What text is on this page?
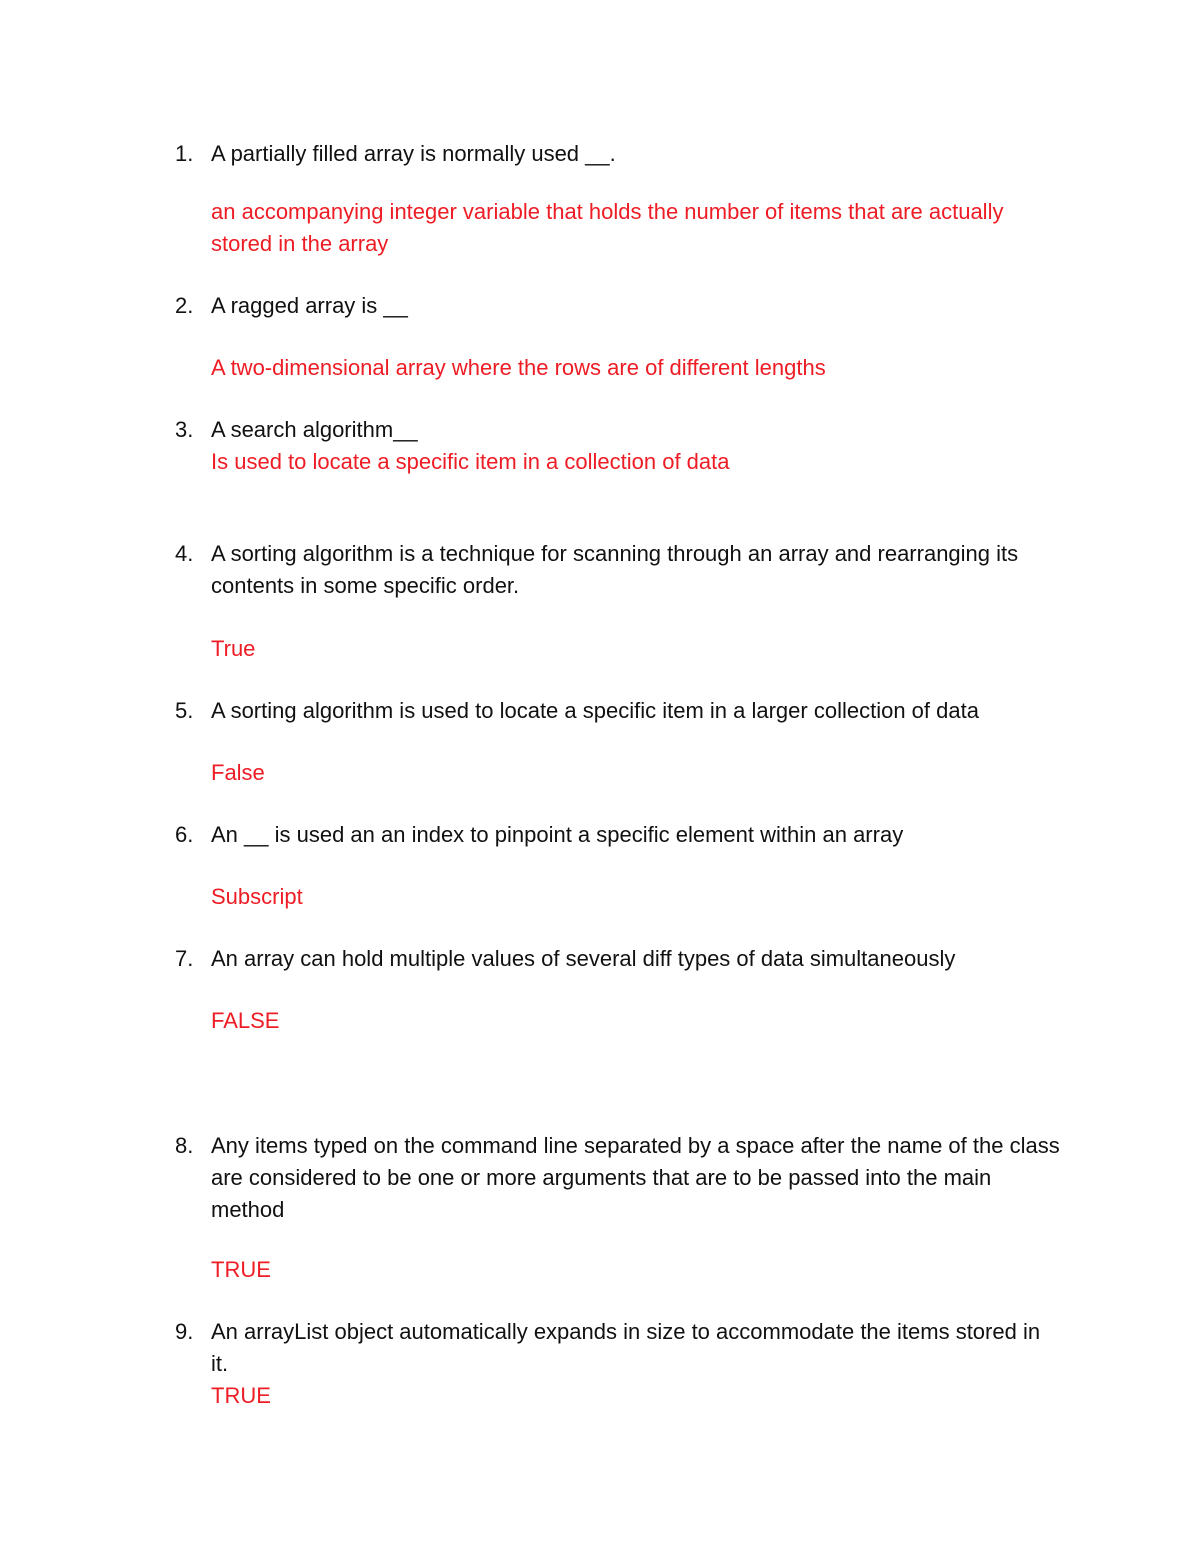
1. A partially filled array is normally used __.
an accompanying integer variable that holds the number of items that are actually stored in the array
2. A ragged array is __
A two-dimensional array where the rows are of different lengths
3. A search algorithm__
Is used to locate a specific item in a collection of data
4. A sorting algorithm is a technique for scanning through an array and rearranging its contents in some specific order.
True
5. A sorting algorithm is used to locate a specific item in a larger collection of data
False
6. An __ is used an an index to pinpoint a specific element within an array
Subscript
7. An array can hold multiple values of several diff types of data simultaneously
FALSE
8. Any items typed on the command line separated by a space after the name of the class are considered to be one or more arguments that are to be passed into the main method
TRUE
9. An arrayList object automatically expands in size to accommodate the items stored in it.
TRUE
